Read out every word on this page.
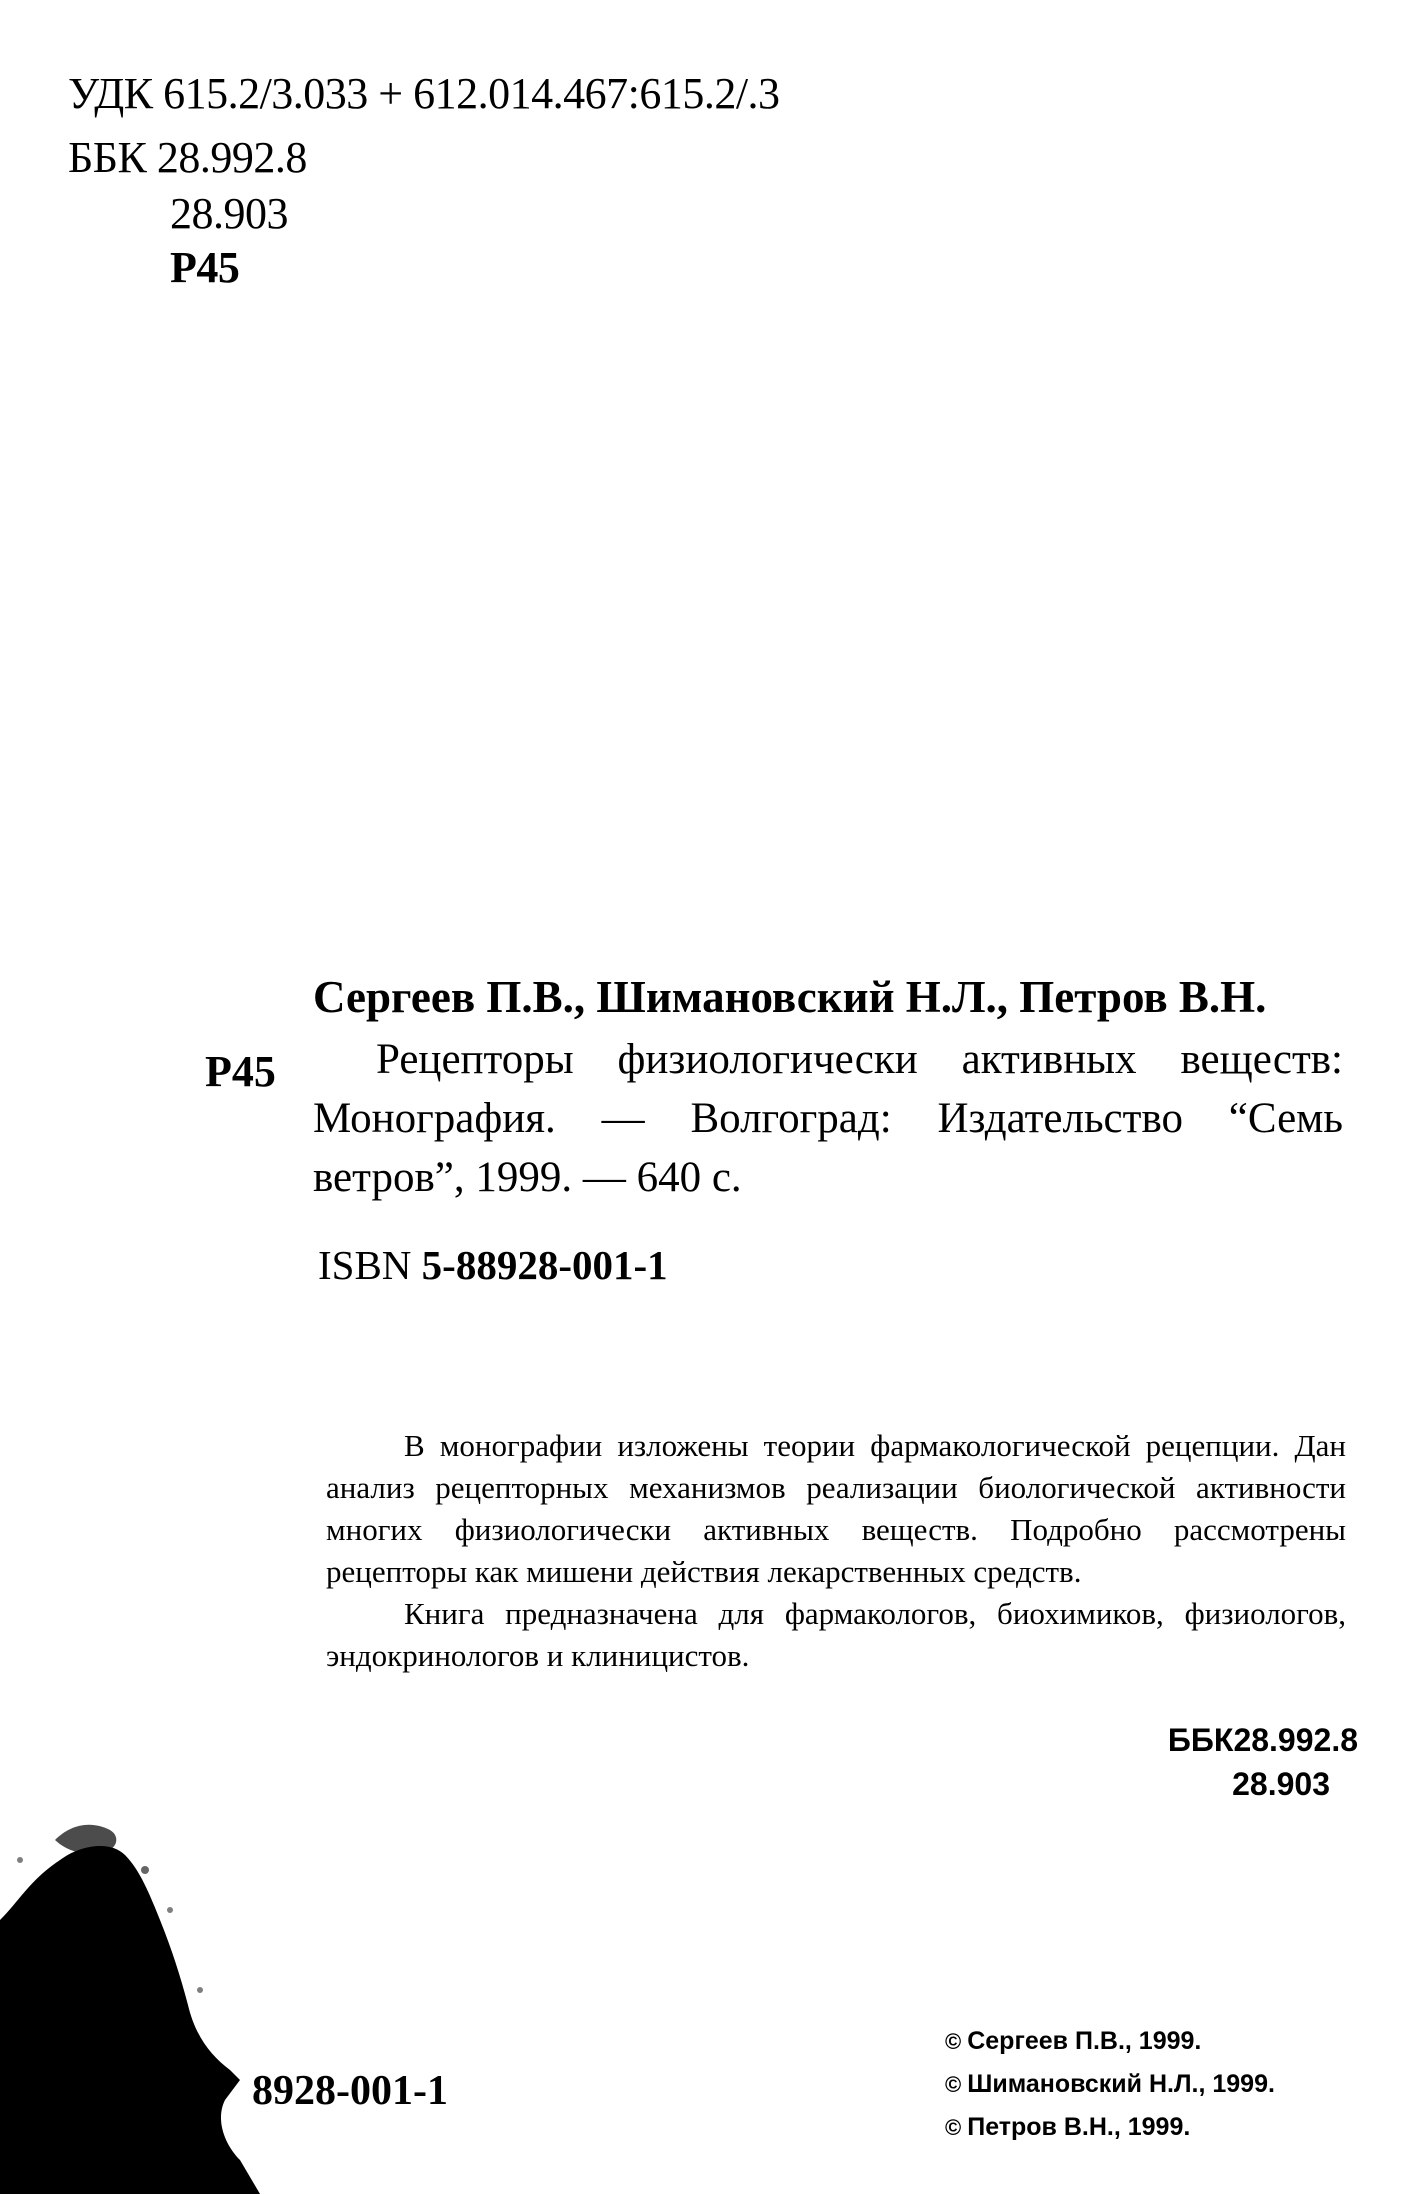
УДК 615.2/3.033 + 612.014.467:615.2/.3
ББК 28.992.8
28.903
Р45
Сергеев П.В., Шимановский Н.Л., Петров В.Н.
Р45	Рецепторы физиологически активных веществ: Монография. — Волгоград: Издательство “Семь ветров”, 1999. — 640 с.
ISBN 5-88928-001-1

В монографии изложены теории фармакологической рецепции. Дан анализ рецепторных механизмов реализации биологической активности многих физиологически активных веществ. Подробно рассмотрены рецепторы как мишени действия лекарственных средств.

Книга предназначена для фармакологов, биохимиков, физиологов, эндокринологов и клиницистов.

ББК28.992.8
28.903
8928-001-1
© Сергеев П.В., 1999.
© Шимановский Н.Л., 1999.
© Петров В.Н., 1999.
